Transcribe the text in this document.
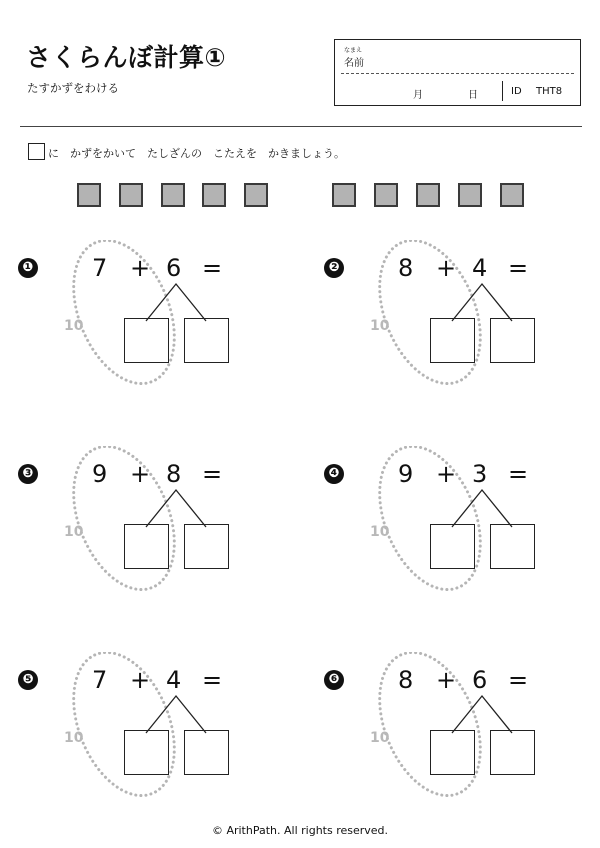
さくらんぼ計算①
たすかずをわける
なまえ
名前
月	日	ID THT8
に　かずをかいて　たしざんの　こたえを　かきましょう。
❶ 7 + 6 =
10
❷ 8 + 4 =
10
❸ 9 + 8 =
10
❹ 9 + 3 =
10
❺ 7 + 4 =
10
❻ 8 + 6 =
10
© ArithPath. All rights reserved.
